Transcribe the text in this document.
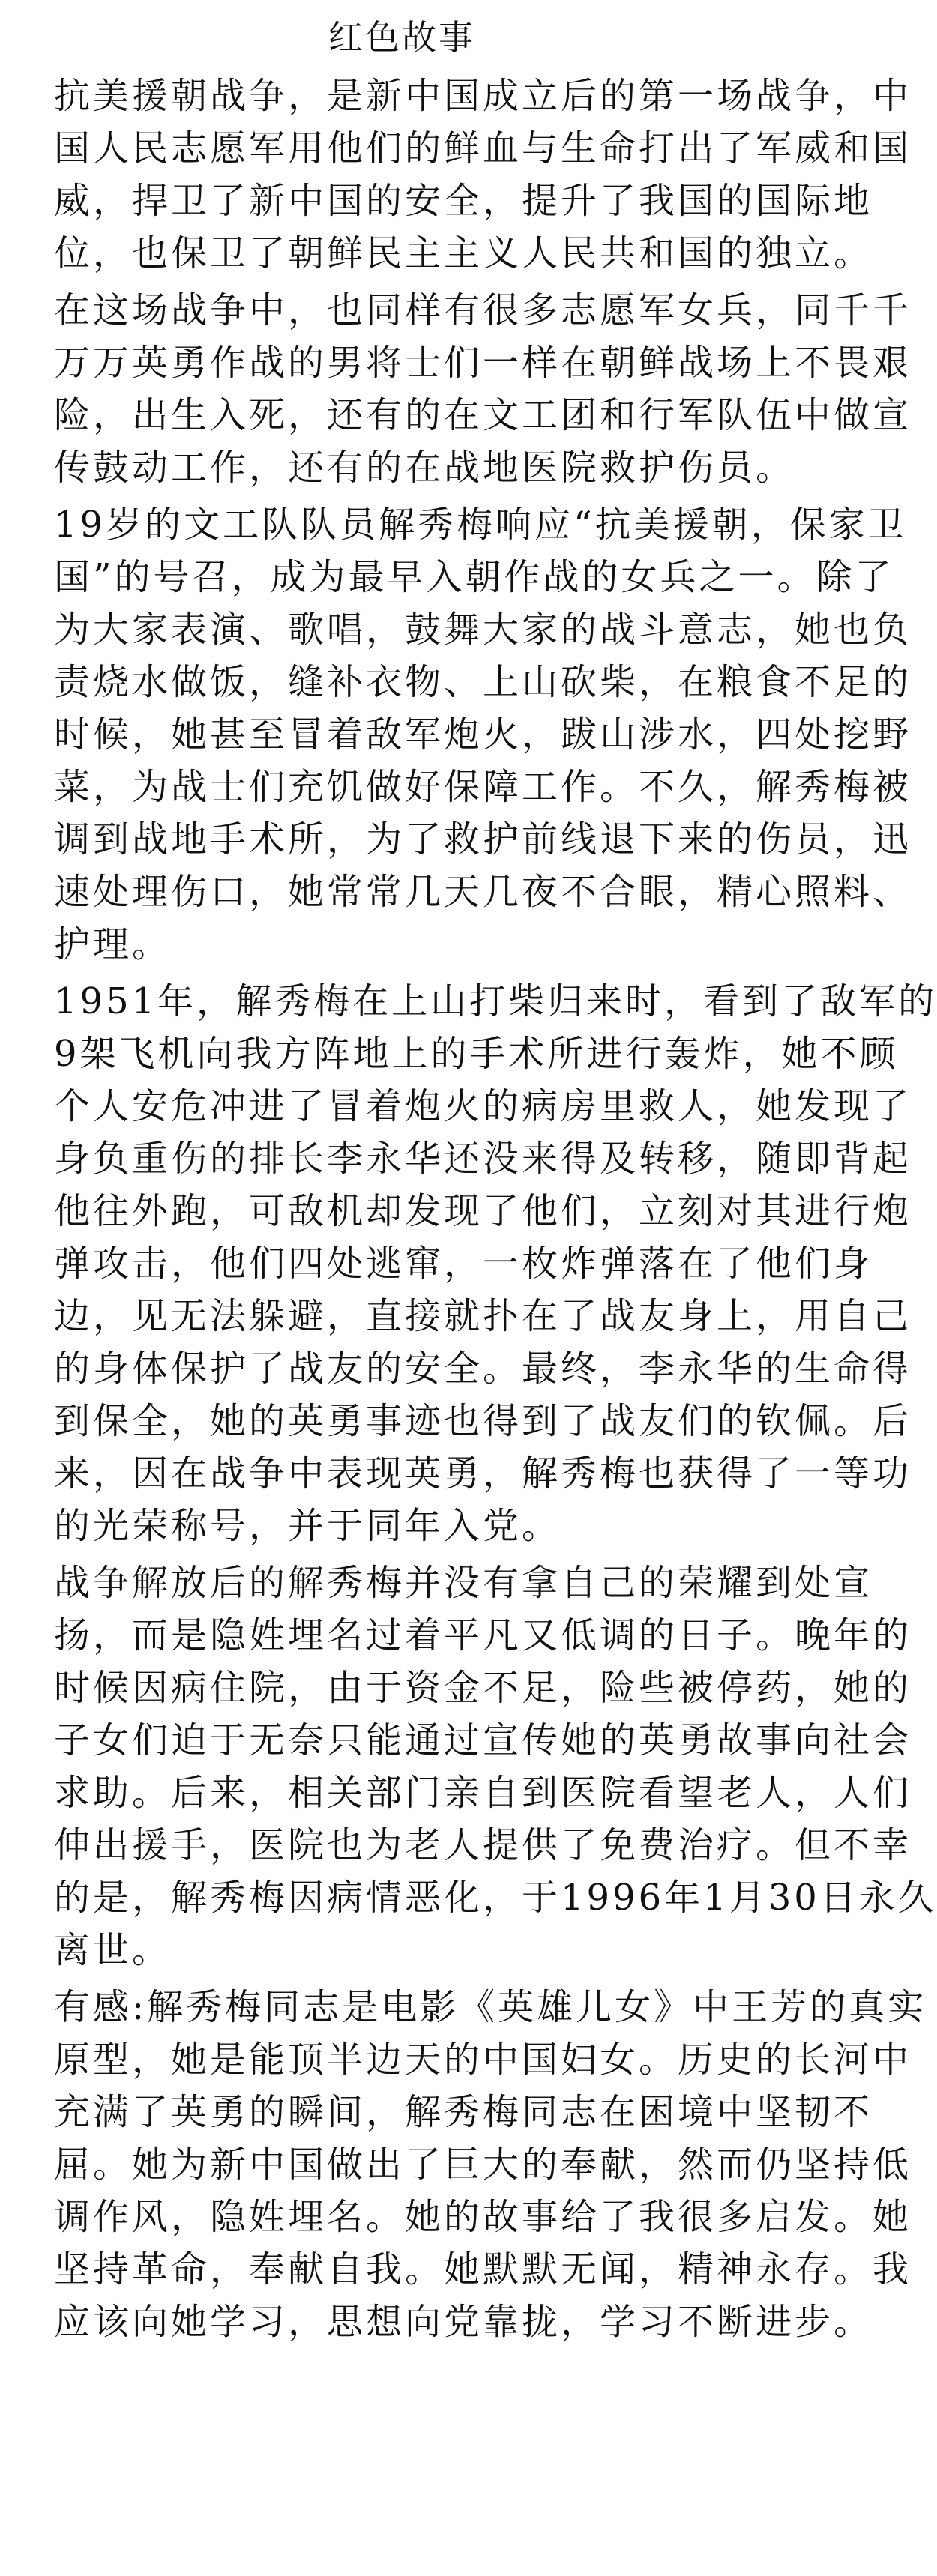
红色故事
抗美援朝战争，是新中国成立后的第一场战争，中
国人民志愿军用他们的鲜血与生命打出了军威和国
威，捍卫了新中国的安全，提升了我国的国际地
位，也保卫了朝鲜民主主义人民共和国的独立。
在这场战争中，也同样有很多志愿军女兵，同千千
万万英勇作战的男将士们一样在朝鲜战场上不畏艰
险，出生入死，还有的在文工团和行军队伍中做宣
传鼓动工作，还有的在战地医院救护伤员。
19岁的文工队队员解秀梅响应“抗美援朝，保家卫
国”的号召，成为最早入朝作战的女兵之一。除了
为大家表演、歌唱，鼓舞大家的战斗意志，她也负
责烧水做饭，缝补衣物、上山砍柴，在粮食不足的
时候，她甚至冒着敌军炮火，跋山涉水，四处挖野
菜，为战士们充饥做好保障工作。不久，解秀梅被
调到战地手术所，为了救护前线退下来的伤员，迅
速处理伤口，她常常几天几夜不合眼，精心照料、
护理。
1951年，解秀梅在上山打柴归来时，看到了敌军的
9架飞机向我方阵地上的手术所进行轰炸，她不顾
个人安危冲进了冒着炮火的病房里救人，她发现了
身负重伤的排长李永华还没来得及转移，随即背起
他往外跑，可敌机却发现了他们，立刻对其进行炮
弹攻击，他们四处逃窜，一枚炸弹落在了他们身
边，见无法躲避，直接就扑在了战友身上，用自己
的身体保护了战友的安全。最终，李永华的生命得
到保全，她的英勇事迹也得到了战友们的钦佩。后
来，因在战争中表现英勇，解秀梅也获得了一等功
的光荣称号，并于同年入党。
战争解放后的解秀梅并没有拿自己的荣耀到处宣
扬，而是隐姓埋名过着平凡又低调的日子。晚年的
时候因病住院，由于资金不足，险些被停药，她的
子女们迫于无奈只能通过宣传她的英勇故事向社会
求助。后来，相关部门亲自到医院看望老人，人们
伸出援手，医院也为老人提供了免费治疗。但不幸
的是，解秀梅因病情恶化，于1996年1月30日永久
离世。
有感:解秀梅同志是电影《英雄儿女》中王芳的真实
原型，她是能顶半边天的中国妇女。历史的长河中
充满了英勇的瞬间，解秀梅同志在困境中坚韧不
屈。她为新中国做出了巨大的奉献，然而仍坚持低
调作风，隐姓埋名。她的故事给了我很多启发。她
坚持革命，奉献自我。她默默无闻，精神永存。我
应该向她学习，思想向党靠拢，学习不断进步。
